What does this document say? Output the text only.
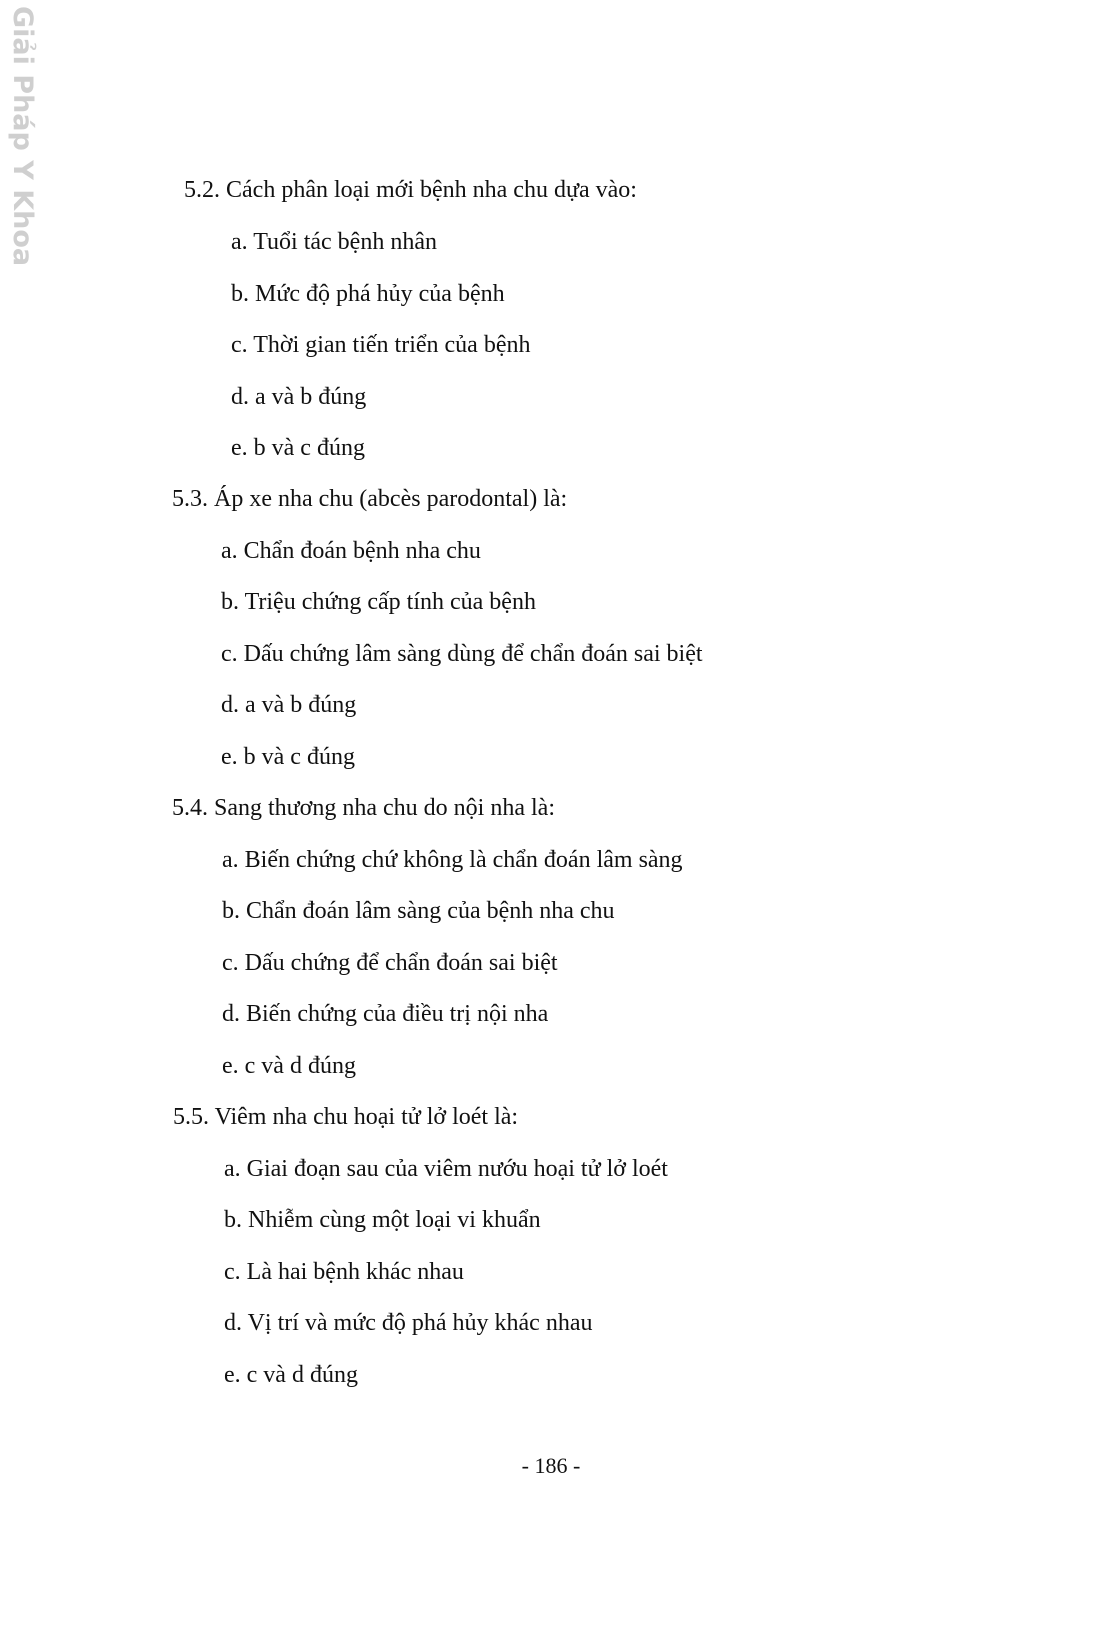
Giải Pháp Y Khoa	5.2. Cách phân loại mới bệnh nha chu dựa vào:
a. Tuổi tác bệnh nhân
b. Mức độ phá hủy của bệnh
c. Thời gian tiến triển của bệnh
d. a và b đúng
e. b và c đúng
5.3. Áp xe nha chu (abcès parodontal) là:
a. Chẩn đoán bệnh nha chu
b. Triệu chứng cấp tính của bệnh
c. Dấu chứng lâm sàng dùng để chẩn đoán sai biệt
d. a và b đúng
e. b và c đúng
5.4. Sang thương nha chu do nội nha là:
a. Biến chứng chứ không là chẩn đoán lâm sàng
b. Chẩn đoán lâm sàng của bệnh nha chu
c. Dấu chứng để chẩn đoán sai biệt
d. Biến chứng của điều trị nội nha
e. c và d đúng
5.5. Viêm nha chu hoại tử lở loét là:
a. Giai đoạn sau của viêm nướu hoại tử lở loét
b. Nhiễm cùng một loại vi khuẩn
c. Là hai bệnh khác nhau
d. Vị trí và mức độ phá hủy khác nhau
e. c và d đúng
- 186 -
